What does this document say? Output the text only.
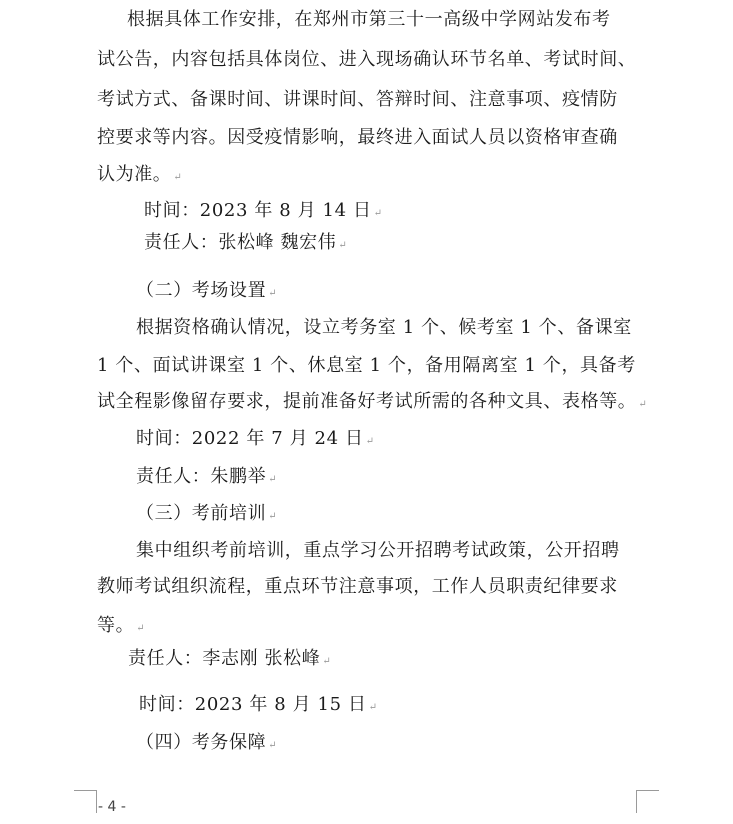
根据具体工作安排，在郑州市第三十一高级中学网站发布考
试公告，内容包括具体岗位、进入现场确认环节名单、考试时间、
考试方式、备课时间、讲课时间、答辩时间、注意事项、疫情防
控要求等内容。因受疫情影响，最终进入面试人员以资格审查确
认为准。 ↵
时间：2023 年 8 月 14 日 ↵
责任人：张松峰 魏宏伟 ↵
（二）考场设置 ↵
根据资格确认情况，设立考务室 1 个、候考室 1 个、备课室
1 个、面试讲课室 1 个、休息室 1 个，备用隔离室 1 个，具备考
试全程影像留存要求，提前准备好考试所需的各种文具、表格等。 ↵
时间：2022 年 7 月 24 日 ↵
责任人：朱鹏举 ↵
（三）考前培训 ↵
集中组织考前培训，重点学习公开招聘考试政策，公开招聘
教师考试组织流程，重点环节注意事项，工作人员职责纪律要求
等。 ↵
责任人：李志刚 张松峰 ↵
时间：2023 年 8 月 15 日 ↵
（四）考务保障 ↵
- 4 -
